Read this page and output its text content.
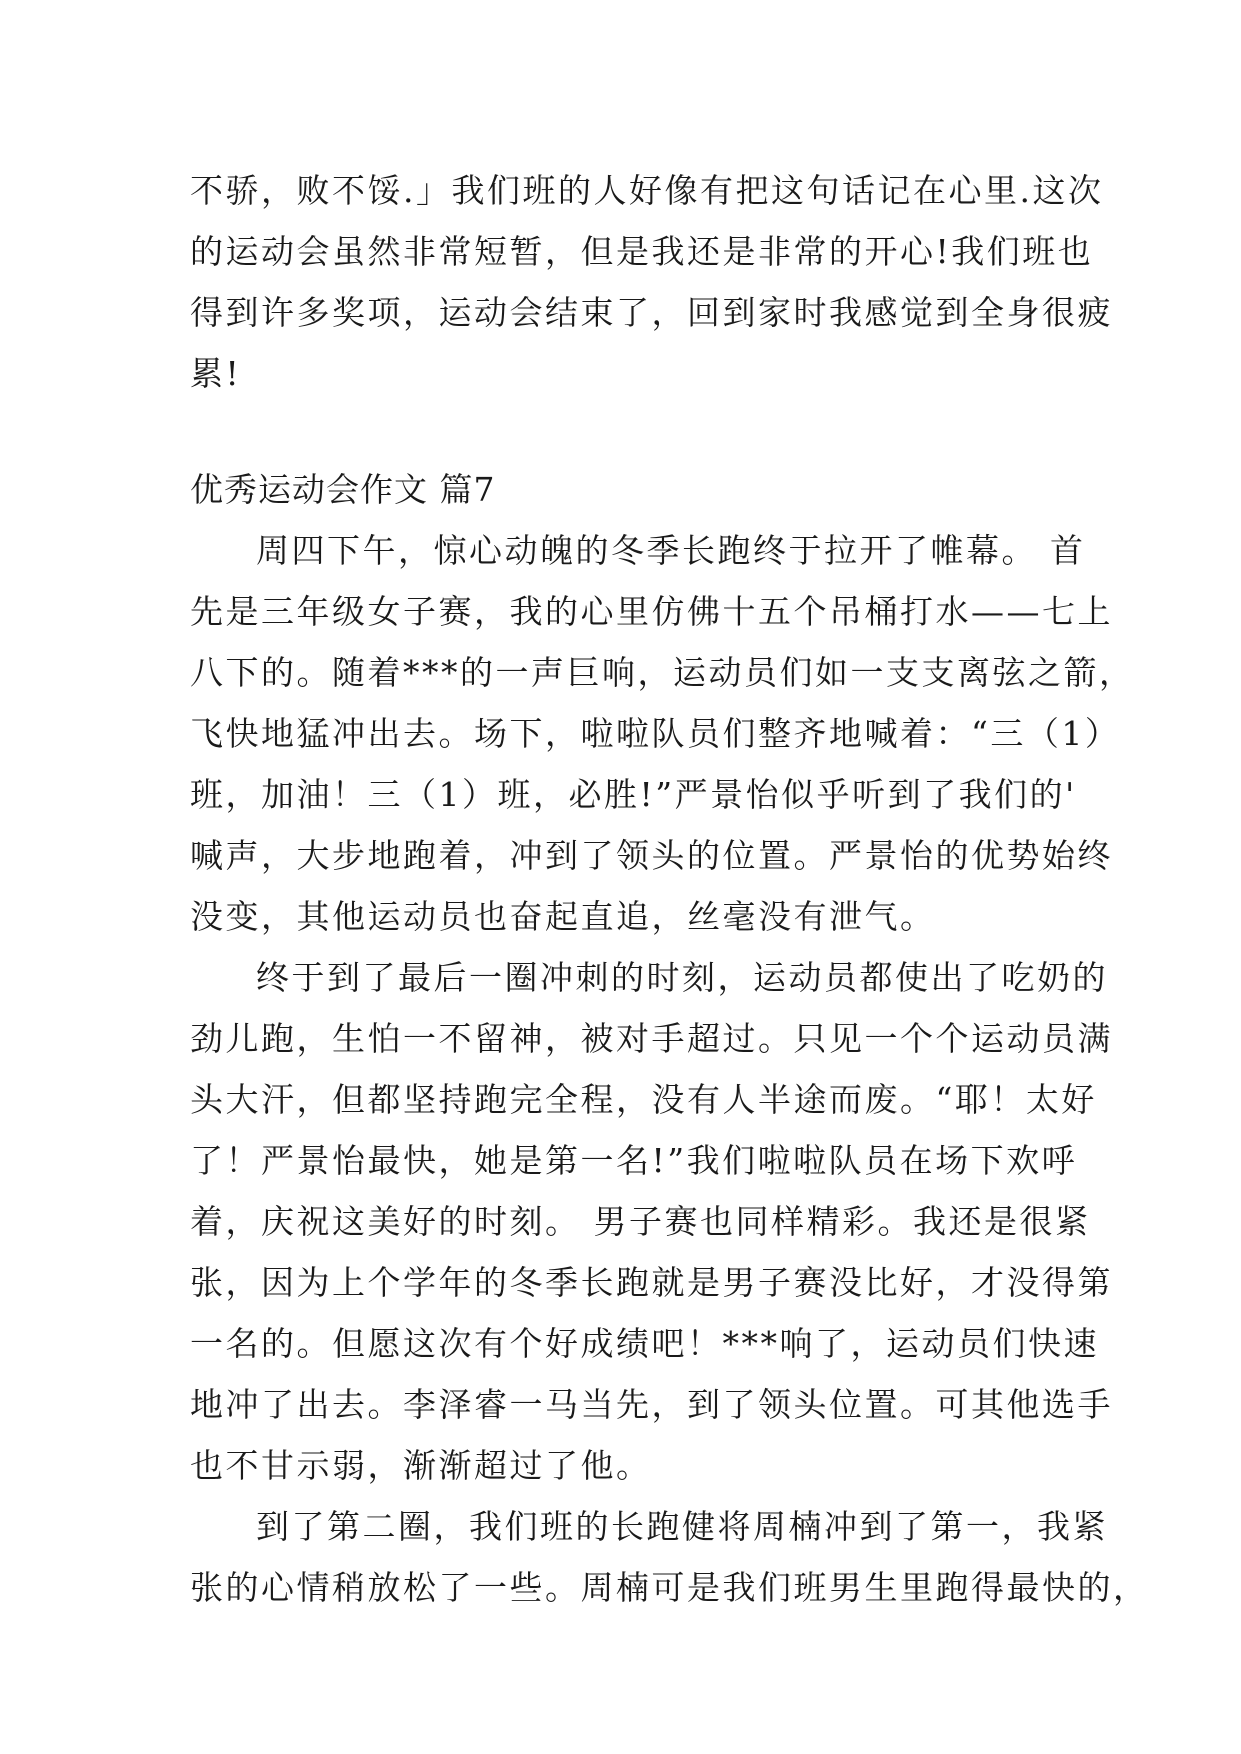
不骄，败不馁.」我们班的人好像有把这句话记在心里.这次
的运动会虽然非常短暂，但是我还是非常的开心!我们班也
得到许多奖项，运动会结束了，回到家时我感觉到全身很疲
累!
优秀运动会作文 篇7
周四下午，惊心动魄的冬季长跑终于拉开了帷幕。 首
先是三年级女子赛，我的心里仿佛十五个吊桶打水——七上
八下的。随着***的一声巨响，运动员们如一支支离弦之箭，
飞快地猛冲出去。场下，啦啦队员们整齐地喊着：“三（1）
班，加油！三（1）班，必胜!”严景怡似乎听到了我们的'
喊声，大步地跑着，冲到了领头的位置。严景怡的优势始终
没变，其他运动员也奋起直追，丝毫没有泄气。
终于到了最后一圈冲刺的时刻，运动员都使出了吃奶的
劲儿跑，生怕一不留神，被对手超过。只见一个个运动员满
头大汗，但都坚持跑完全程，没有人半途而废。“耶！太好
了！严景怡最快，她是第一名!”我们啦啦队员在场下欢呼
着，庆祝这美好的时刻。 男子赛也同样精彩。我还是很紧
张，因为上个学年的冬季长跑就是男子赛没比好，才没得第
一名的。但愿这次有个好成绩吧！***响了，运动员们快速
地冲了出去。李泽睿一马当先，到了领头位置。可其他选手
也不甘示弱，渐渐超过了他。
到了第二圈，我们班的长跑健将周楠冲到了第一，我紧
张的心情稍放松了一些。周楠可是我们班男生里跑得最快的，
